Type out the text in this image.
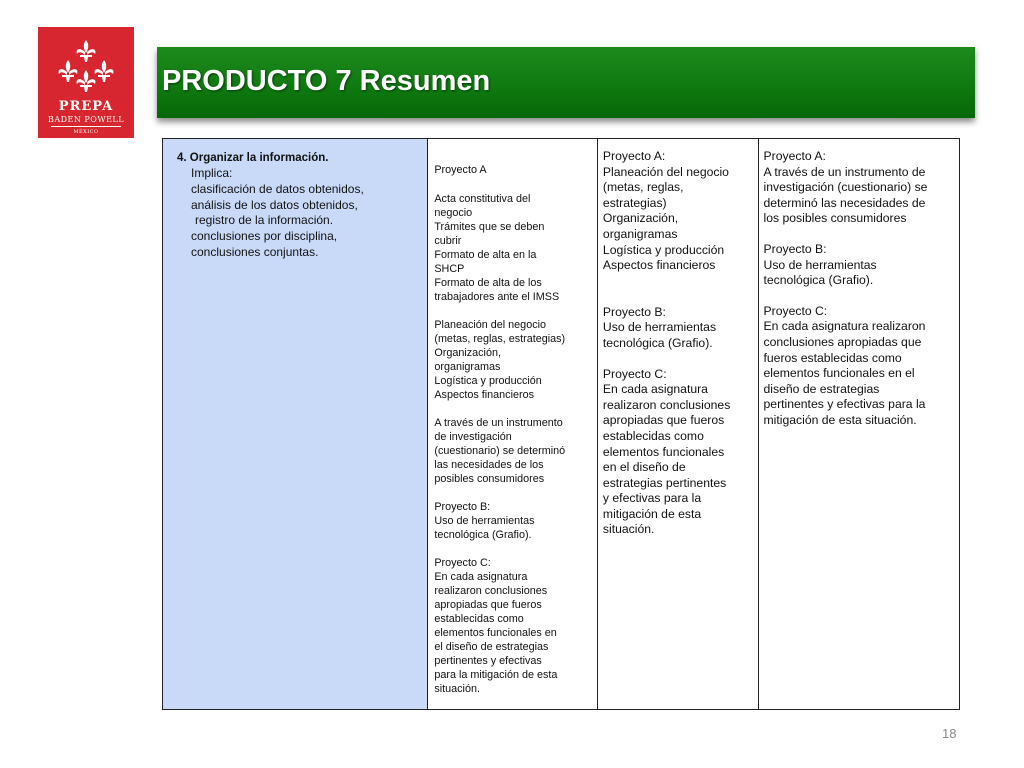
PREPA
BADEN POWELL
MÉXICO
PRODUCTO 7 Resumen
4. Organizar la información.
Implica:
clasificación de datos obtenidos,
análisis de los datos obtenidos,
registro de la información.
conclusiones por disciplina,
conclusiones conjuntas.
Proyecto A
Acta constitutiva del
negocio
Trámites que se deben
cubrir
Formato de alta en la
SHCP
Formato de alta de los
trabajadores ante el IMSS
Planeación del negocio
(metas, reglas, estrategias)
Organización,
organigramas
Logística y producción
Aspectos financieros
A través de un instrumento
de investigación
(cuestionario) se determinó
las necesidades de los
posibles consumidores
Proyecto B:
Uso de herramientas
tecnológica (Grafio).
Proyecto C:
En cada asignatura
realizaron conclusiones
apropiadas que fueros
establecidas como
elementos funcionales en
el diseño de estrategias
pertinentes y efectivas
para la mitigación de esta
situación.
Proyecto A:
Planeación del negocio
(metas, reglas,
estrategias)
Organización,
organigramas
Logística y producción
Aspectos financieros
Proyecto B:
Uso de herramientas
tecnológica (Grafio).
Proyecto C:
En cada asignatura
realizaron conclusiones
apropiadas que fueros
establecidas como
elementos funcionales
en el diseño de
estrategias pertinentes
y efectivas para la
mitigación de esta
situación.
Proyecto A:
A través de un instrumento de
investigación (cuestionario) se
determinó las necesidades de
los posibles consumidores
Proyecto B:
Uso de herramientas
tecnológica (Grafio).
Proyecto C:
En cada asignatura realizaron
conclusiones apropiadas que
fueros establecidas como
elementos funcionales en el
diseño de estrategias
pertinentes y efectivas para la
mitigación de esta situación.
18
